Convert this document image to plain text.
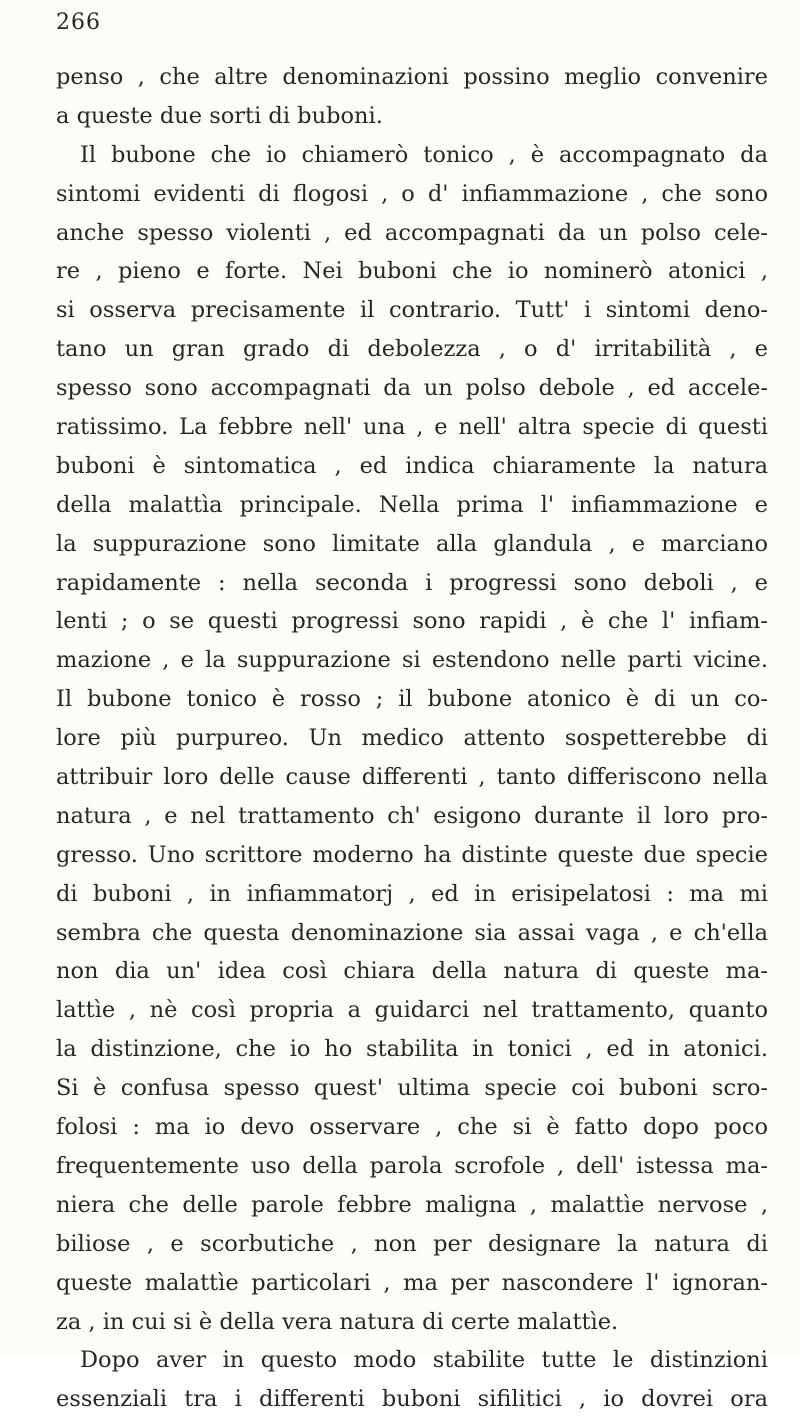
266
penso , che altre denominazioni possino meglio convenire
a queste due sorti di buboni.
Il bubone che io chiamerò tonico , è accompagnato da
sintomi evidenti di flogosi , o d' infiammazione , che sono
anche spesso violenti , ed accompagnati da un polso cele-
re , pieno e forte. Nei buboni che io nominerò atonici ,
si osserva precisamente il contrario. Tutt' i sintomi deno-
tano un gran grado di debolezza , o d' irritabilità , e
spesso sono accompagnati da un polso debole , ed accele-
ratissimo. La febbre nell' una , e nell' altra specie di questi
buboni è sintomatica , ed indica chiaramente la natura
della malattìa principale. Nella prima l' infiammazione e
la suppurazione sono limitate alla glandula , e marciano
rapidamente : nella seconda i progressi sono deboli , e
lenti ; o se questi progressi sono rapidi , è che l' infiam-
mazione , e la suppurazione si estendono nelle parti vicine.
Il bubone tonico è rosso ; il bubone atonico è di un co-
lore più purpureo. Un medico attento sospetterebbe di
attribuir loro delle cause differenti , tanto differiscono nella
natura , e nel trattamento ch' esigono durante il loro pro-
gresso. Uno scrittore moderno ha distinte queste due specie
di buboni , in infiammatorj , ed in erisipelatosi : ma mi
sembra che questa denominazione sia assai vaga , e ch'ella
non dia un' idea così chiara della natura di queste ma-
lattìe , nè così propria a guidarci nel trattamento, quanto
la distinzione, che io ho stabilita in tonici , ed in atonici.
Si è confusa spesso quest' ultima specie coi buboni scro-
folosi : ma io devo osservare , che si è fatto dopo poco
frequentemente uso della parola scrofole , dell' istessa ma-
niera che delle parole febbre maligna , malattìe nervose ,
biliose , e scorbutiche , non per designare la natura di
queste malattìe particolari , ma per nascondere l' ignoran-
za , in cui si è della vera natura di certe malattìe.
Dopo aver in questo modo stabilite tutte le distinzioni
essenziali tra i differenti buboni sifilitici , io dovrei ora
